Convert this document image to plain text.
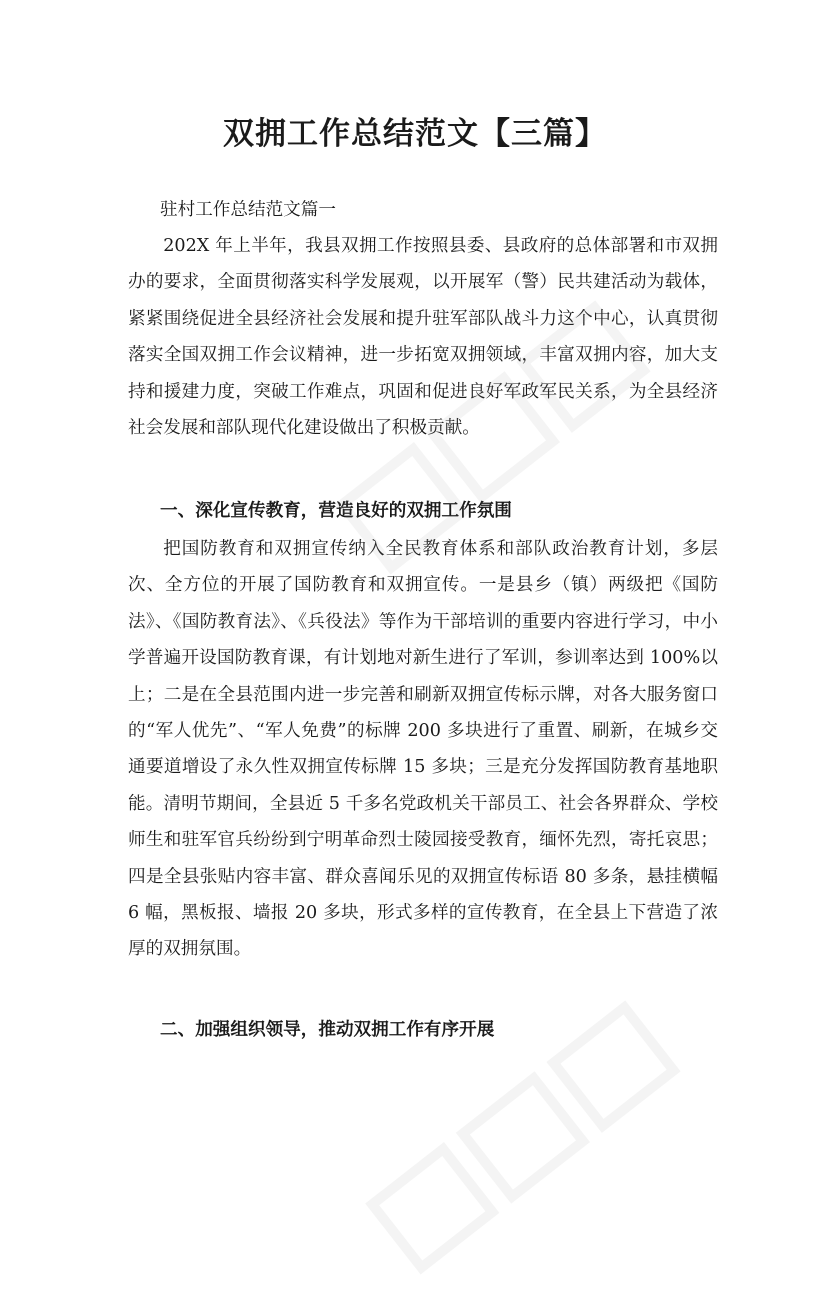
双拥工作总结范文【三篇】
驻村工作总结范文篇一
202X 年上半年，我县双拥工作按照县委、县政府的总体部署和市双拥办的要求，全面贯彻落实科学发展观，以开展军（警）民共建活动为载体，紧紧围绕促进全县经济社会发展和提升驻军部队战斗力这个中心，认真贯彻落实全国双拥工作会议精神，进一步拓宽双拥领域，丰富双拥内容，加大支持和援建力度，突破工作难点，巩固和促进良好军政军民关系，为全县经济社会发展和部队现代化建设做出了积极贡献。
一、深化宣传教育，营造良好的双拥工作氛围
把国防教育和双拥宣传纳入全民教育体系和部队政治教育计划，多层次、全方位的开展了国防教育和双拥宣传。一是县乡（镇）两级把《国防法》、《国防教育法》、《兵役法》等作为干部培训的重要内容进行学习，中小学普遍开设国防教育课，有计划地对新生进行了军训，参训率达到 100%以上；二是在全县范围内进一步完善和刷新双拥宣传标示牌，对各大服务窗口的“军人优先”、“军人免费”的标牌 200 多块进行了重置、刷新，在城乡交通要道增设了永久性双拥宣传标牌 15 多块；三是充分发挥国防教育基地职能。清明节期间，全县近 5 千多名党政机关干部员工、社会各界群众、学校师生和驻军官兵纷纷到宁明革命烈士陵园接受教育，缅怀先烈，寄托哀思；四是全县张贴内容丰富、群众喜闻乐见的双拥宣传标语 80 多条，悬挂横幅 6 幅，黑板报、墙报 20 多块，形式多样的宣传教育，在全县上下营造了浓厚的双拥氛围。
二、加强组织领导，推动双拥工作有序开展
